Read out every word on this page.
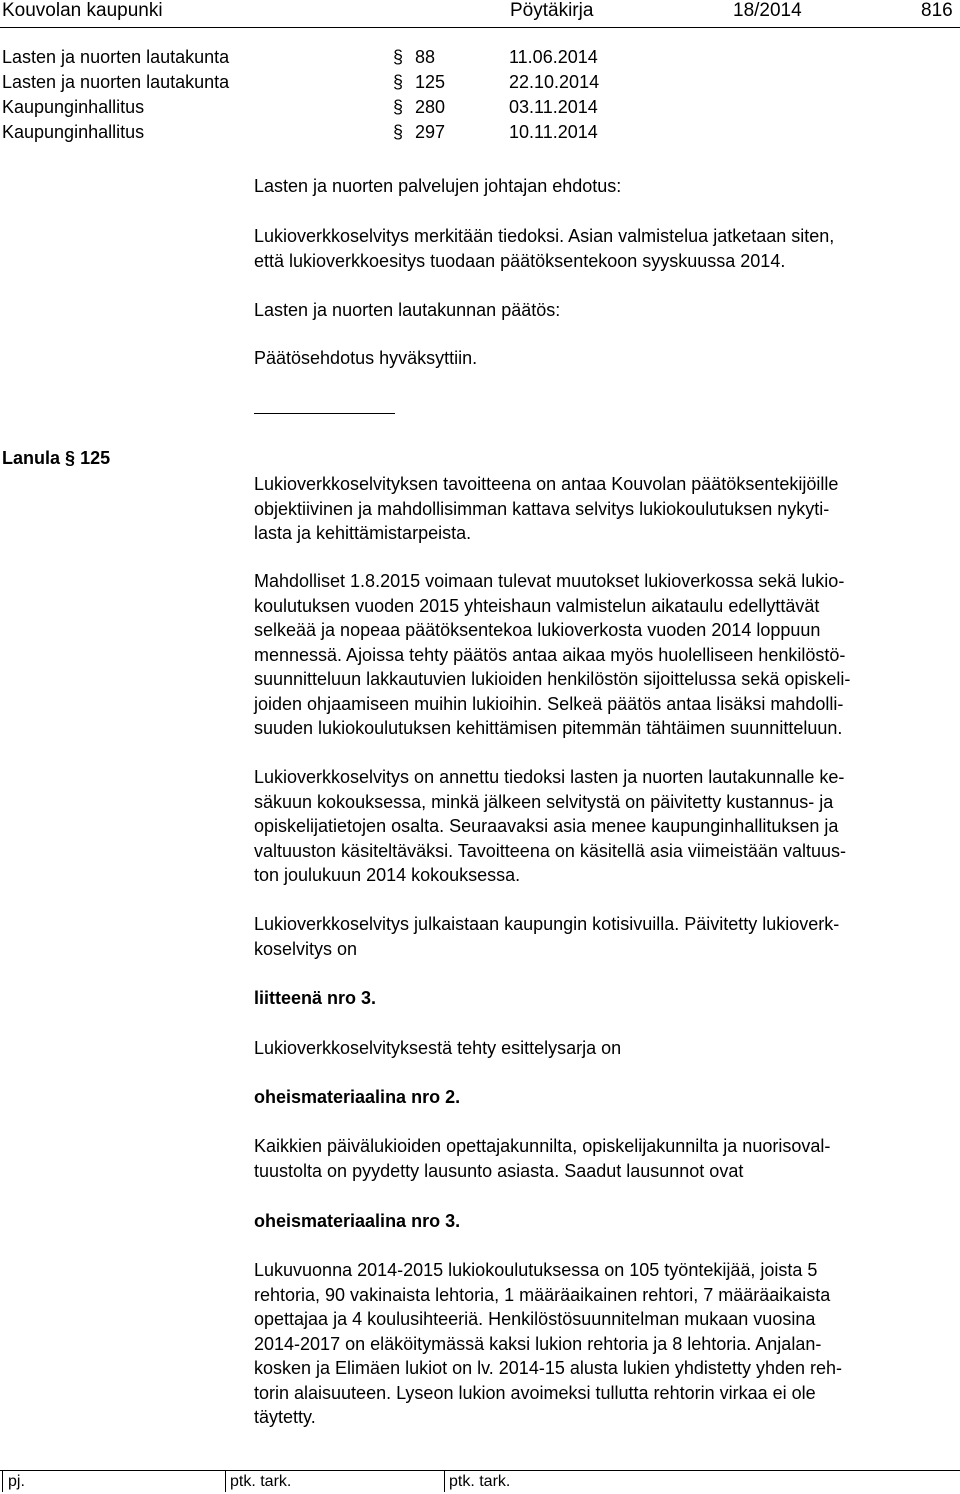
Kouvolan kaupunki	Pöytäkirja	18/2014	816
Lasten ja nuorten lautakunta	§ 88	11.06.2014
Lasten ja nuorten lautakunta	§ 125	22.10.2014
Kaupunginhallitus	§ 280	03.11.2014
Kaupunginhallitus	§ 297	10.11.2014
Lasten ja nuorten palvelujen johtajan ehdotus:
Lukioverkkoselvitys merkitään tiedoksi. Asian valmistelua jatketaan siten,
että lukioverkkoesitys tuodaan päätöksentekoon syyskuussa 2014.
Lasten ja nuorten lautakunnan päätös:
Päätösehdotus hyväksyttiin.
Lanula § 125
Lukioverkkoselvityksen tavoitteena on antaa Kouvolan päätöksentekijöille
objektiivinen ja mahdollisimman kattava selvitys lukiokoulutuksen nykyti-
lasta ja kehittämistarpeista.
Mahdolliset 1.8.2015 voimaan tulevat muutokset lukioverkossa sekä lukio-
koulutuksen vuoden 2015 yhteishaun valmistelun aikataulu edellyttävät
selkeää ja nopeaa päätöksentekoa lukioverkosta vuoden 2014 loppuun
mennessä. Ajoissa tehty päätös antaa aikaa myös huolelliseen henkilöstö-
suunnitteluun lakkautuvien lukioiden henkilöstön sijoittelussa sekä opiskeli-
joiden ohjaamiseen muihin lukioihin. Selkeä päätös antaa lisäksi mahdolli-
suuden lukiokoulutuksen kehittämisen pitemmän tähtäimen suunnitteluun.
Lukioverkkoselvitys on annettu tiedoksi lasten ja nuorten lautakunnalle ke-
säkuun kokouksessa, minkä jälkeen selvitystä on päivitetty kustannus- ja
opiskelijatietojen osalta. Seuraavaksi asia menee kaupunginhallituksen ja
valtuuston käsiteltäväksi. Tavoitteena on käsitellä asia viimeistään valtuus-
ton joulukuun 2014 kokouksessa.
Lukioverkkoselvitys julkaistaan kaupungin kotisivuilla. Päivitetty lukioverk-
koselvitys on
liitteenä nro 3.
Lukioverkkoselvityksestä tehty esittelysarja on
oheismateriaalina nro 2.
Kaikkien päivälukioiden opettajakunnilta, opiskelijakunnilta ja nuorisoval-
tuustolta on pyydetty lausunto asiasta. Saadut lausunnot ovat
oheismateriaalina nro 3.
Lukuvuonna 2014-2015 lukiokoulutuksessa on 105 työntekijää, joista 5
rehtoria, 90 vakinaista lehtoria, 1 määräaikainen rehtori, 7 määräaikaista
opettajaa ja 4 koulusihteeriä. Henkilöstösuunnitelman mukaan vuosina
2014-2017 on eläköitymässä kaksi lukion rehtoria ja 8 lehtoria. Anjalan-
kosken ja Elimäen lukiot on lv. 2014-15 alusta lukien yhdistetty yhden reh-
torin alaisuuteen. Lyseon lukion avoimeksi tullutta rehtorin virkaa ei ole
täytetty.
pj.	ptk. tark.	ptk. tark.
